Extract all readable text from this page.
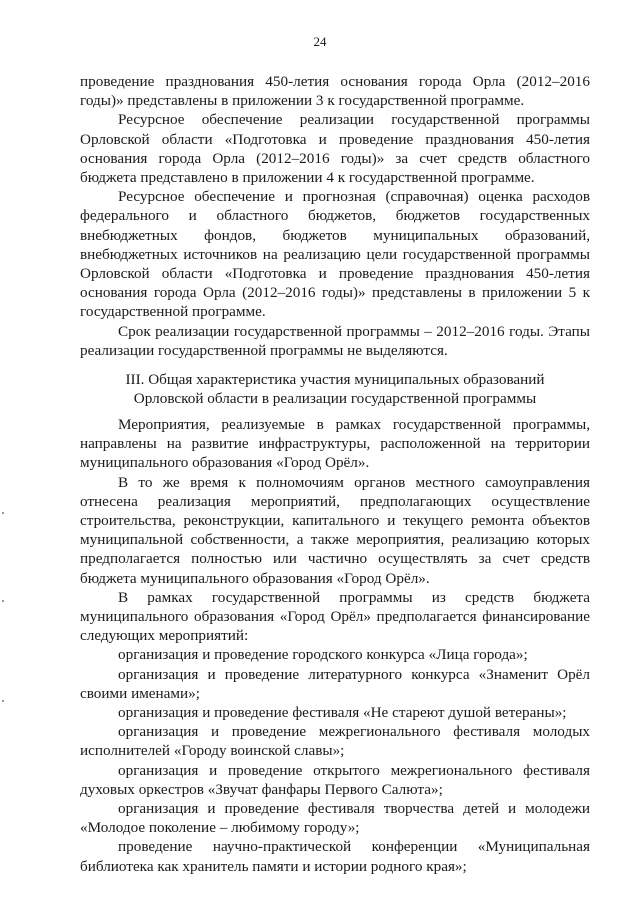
24

проведение празднования 450-летия основания города Орла (2012–2016 годы)» представлены в приложении 3 к государственной программе.

Ресурсное обеспечение реализации государственной программы Орловской области «Подготовка и проведение празднования 450-летия основания города Орла (2012–2016 годы)» за счет средств областного бюджета представлено в приложении 4 к государственной программе.

Ресурсное обеспечение и прогнозная (справочная) оценка расходов федерального и областного бюджетов, бюджетов государственных внебюджетных фондов, бюджетов муниципальных образований, внебюджетных источников на реализацию цели государственной программы Орловской области «Подготовка и проведение празднования 450-летия основания города Орла (2012–2016 годы)» представлены в приложении 5 к государственной программе.

Срок реализации государственной программы – 2012–2016 годы. Этапы реализации государственной программы не выделяются.

III. Общая характеристика участия муниципальных образований
Орловской области в реализации государственной программы

Мероприятия, реализуемые в рамках государственной программы, направлены на развитие инфраструктуры, расположенной на территории муниципального образования «Город Орёл».

В то же время к полномочиям органов местного самоуправления отнесена реализация мероприятий, предполагающих осуществление строительства, реконструкции, капитального и текущего ремонта объектов муниципальной собственности, а также мероприятия, реализацию которых предполагается полностью или частично осуществлять за счет средств бюджета муниципального образования «Город Орёл».

В рамках государственной программы из средств бюджета муниципального образования «Город Орёл» предполагается финансирование следующих мероприятий:

организация и проведение городского конкурса «Лица города»;

организация и проведение литературного конкурса «Знаменит Орёл своими именами»;

организация и проведение фестиваля «Не стареют душой ветераны»;

организация и проведение межрегионального фестиваля молодых исполнителей «Городу воинской славы»;

организация и проведение открытого межрегионального фестиваля духовых оркестров «Звучат фанфары Первого Салюта»;

организация и проведение фестиваля творчества детей и молодежи «Молодое поколение – любимому городу»;

проведение научно-практической конференции «Муниципальная библиотека как хранитель памяти и истории родного края»;
